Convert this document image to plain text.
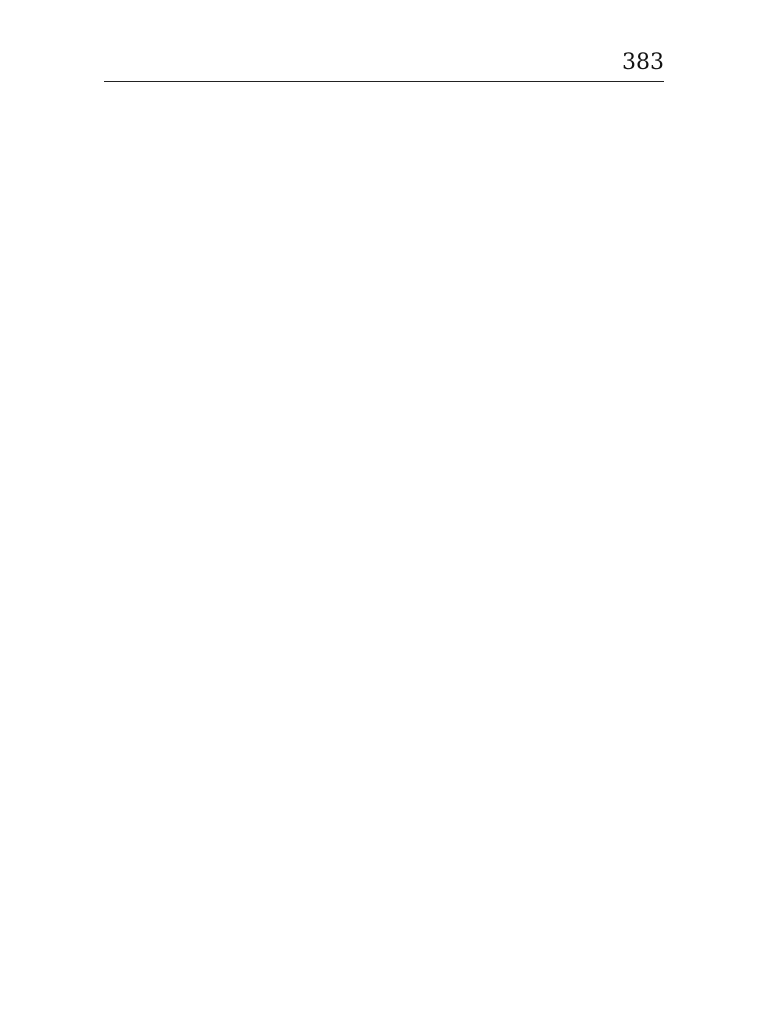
383
